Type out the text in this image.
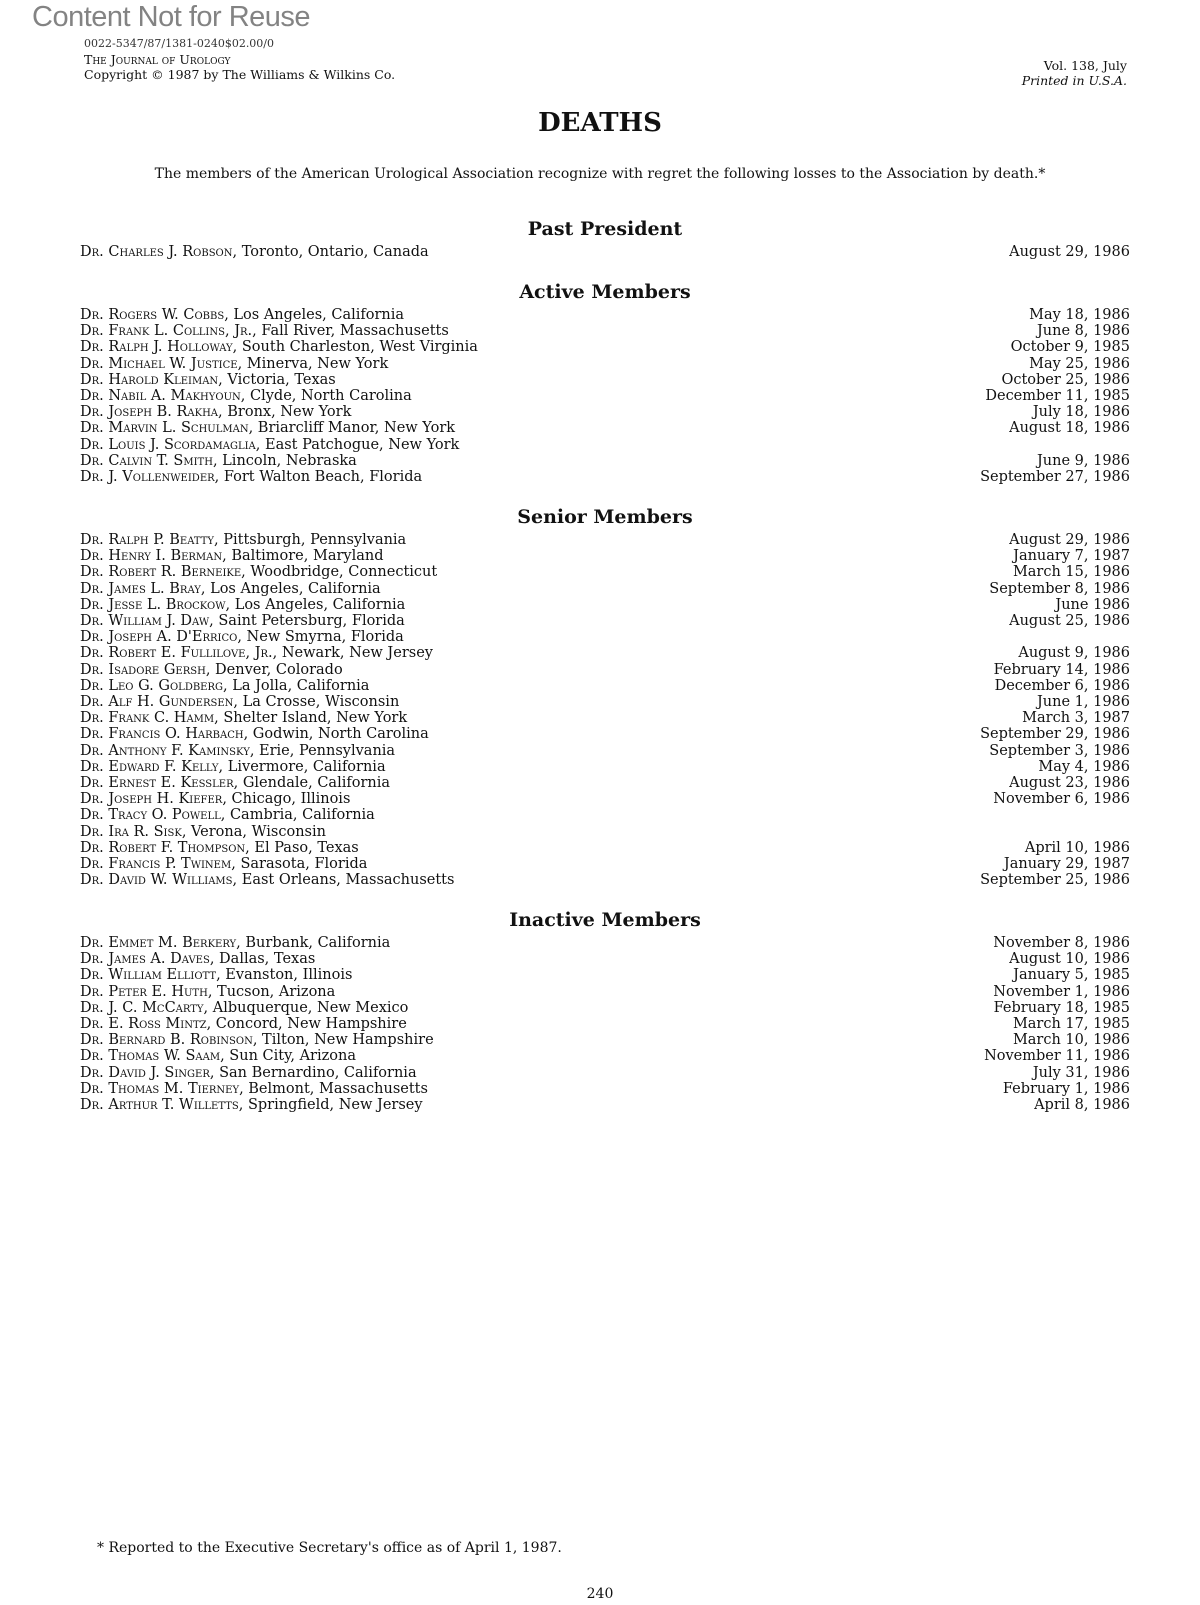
Content Not for Reuse
0022-5347/87/1381-0240$02.00/0
The Journal of Urology
Copyright © 1987 by The Williams & Wilkins Co.
Vol. 138, July
Printed in U.S.A.
DEATHS
The members of the American Urological Association recognize with regret the following losses to the Association by death.*
Past President
Dr. Charles J. Robson, Toronto, Ontario, Canada	August 29, 1986
Active Members
Dr. Rogers W. Cobbs, Los Angeles, California	May 18, 1986
Dr. Frank L. Collins, Jr., Fall River, Massachusetts	June 8, 1986
Dr. Ralph J. Holloway, South Charleston, West Virginia	October 9, 1985
Dr. Michael W. Justice, Minerva, New York	May 25, 1986
Dr. Harold Kleiman, Victoria, Texas	October 25, 1986
Dr. Nabil A. Makhyoun, Clyde, North Carolina	December 11, 1985
Dr. Joseph B. Rakha, Bronx, New York	July 18, 1986
Dr. Marvin L. Schulman, Briarcliff Manor, New York	August 18, 1986
Dr. Louis J. Scordamaglia, East Patchogue, New York
Dr. Calvin T. Smith, Lincoln, Nebraska	June 9, 1986
Dr. J. Vollenweider, Fort Walton Beach, Florida	September 27, 1986
Senior Members
Dr. Ralph P. Beatty, Pittsburgh, Pennsylvania	August 29, 1986
Dr. Henry I. Berman, Baltimore, Maryland	January 7, 1987
Dr. Robert R. Berneike, Woodbridge, Connecticut	March 15, 1986
Dr. James L. Bray, Los Angeles, California	September 8, 1986
Dr. Jesse L. Brockow, Los Angeles, California	June 1986
Dr. William J. Daw, Saint Petersburg, Florida	August 25, 1986
Dr. Joseph A. D'Errico, New Smyrna, Florida
Dr. Robert E. Fullilove, Jr., Newark, New Jersey	August 9, 1986
Dr. Isadore Gersh, Denver, Colorado	February 14, 1986
Dr. Leo G. Goldberg, La Jolla, California	December 6, 1986
Dr. Alf H. Gundersen, La Crosse, Wisconsin	June 1, 1986
Dr. Frank C. Hamm, Shelter Island, New York	March 3, 1987
Dr. Francis O. Harbach, Godwin, North Carolina	September 29, 1986
Dr. Anthony F. Kaminsky, Erie, Pennsylvania	September 3, 1986
Dr. Edward F. Kelly, Livermore, California	May 4, 1986
Dr. Ernest E. Kessler, Glendale, California	August 23, 1986
Dr. Joseph H. Kiefer, Chicago, Illinois	November 6, 1986
Dr. Tracy O. Powell, Cambria, California
Dr. Ira R. Sisk, Verona, Wisconsin
Dr. Robert F. Thompson, El Paso, Texas	April 10, 1986
Dr. Francis P. Twinem, Sarasota, Florida	January 29, 1987
Dr. David W. Williams, East Orleans, Massachusetts	September 25, 1986
Inactive Members
Dr. Emmet M. Berkery, Burbank, California	November 8, 1986
Dr. James A. Daves, Dallas, Texas	August 10, 1986
Dr. William Elliott, Evanston, Illinois	January 5, 1985
Dr. Peter E. Huth, Tucson, Arizona	November 1, 1986
Dr. J. C. McCarty, Albuquerque, New Mexico	February 18, 1985
Dr. E. Ross Mintz, Concord, New Hampshire	March 17, 1985
Dr. Bernard B. Robinson, Tilton, New Hampshire	March 10, 1986
Dr. Thomas W. Saam, Sun City, Arizona	November 11, 1986
Dr. David J. Singer, San Bernardino, California	July 31, 1986
Dr. Thomas M. Tierney, Belmont, Massachusetts	February 1, 1986
Dr. Arthur T. Willetts, Springfield, New Jersey	April 8, 1986
* Reported to the Executive Secretary's office as of April 1, 1987.
240
